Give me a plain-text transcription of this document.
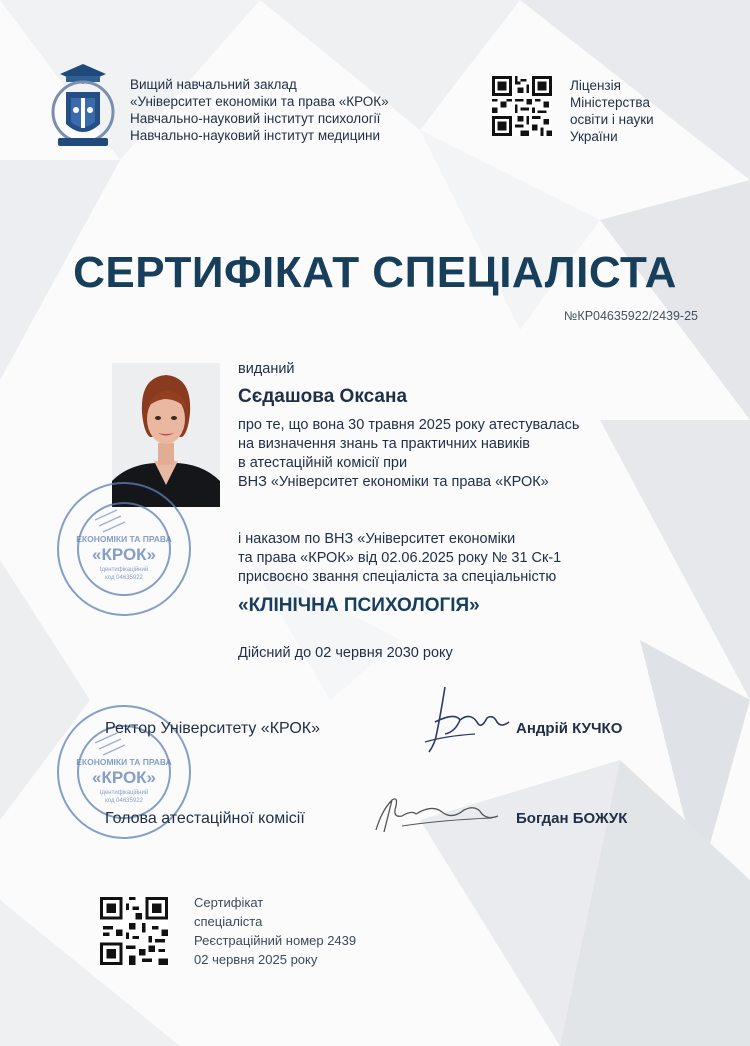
Вищий навчальний заклад
«Університет економіки та права «КРОК»
Навчально-науковий інститут психології
Навчально-науковий інститут медицини
Ліцензія
Міністерства
освіти і науки
України
СЕРТИФІКАТ СПЕЦІАЛІСТА
№КР04635922/2439-25
виданий
Сєдашова Оксана
про те, що вона 30 травня 2025 року атестувалась
на визначення знань та практичних навиків
в атестаційній комісії при
ВНЗ «Університет економіки та права «КРОК»
і наказом по ВНЗ «Університет економіки
та права «КРОК» від 02.06.2025 року № 31 Ск-1
присвоєно звання спеціаліста за спеціальністю
«КЛІНІЧНА ПСИХОЛОГІЯ»
Дійсний до 02 червня 2030 року
ЕКОНОМІКИ ТА ПРАВА
«КРОК»
Ідентифікаційний
код 04635922
ЕКОНОМІКИ ТА ПРАВА
«КРОК»
Ідентифікаційний
код 04635922
Ректор Університету «КРОК»	Андрій КУЧКО
Голова атестаційної комісії	Богдан БОЖУК
Сертифікат
спеціаліста
Реєстраційний номер 2439
02 червня 2025 року
